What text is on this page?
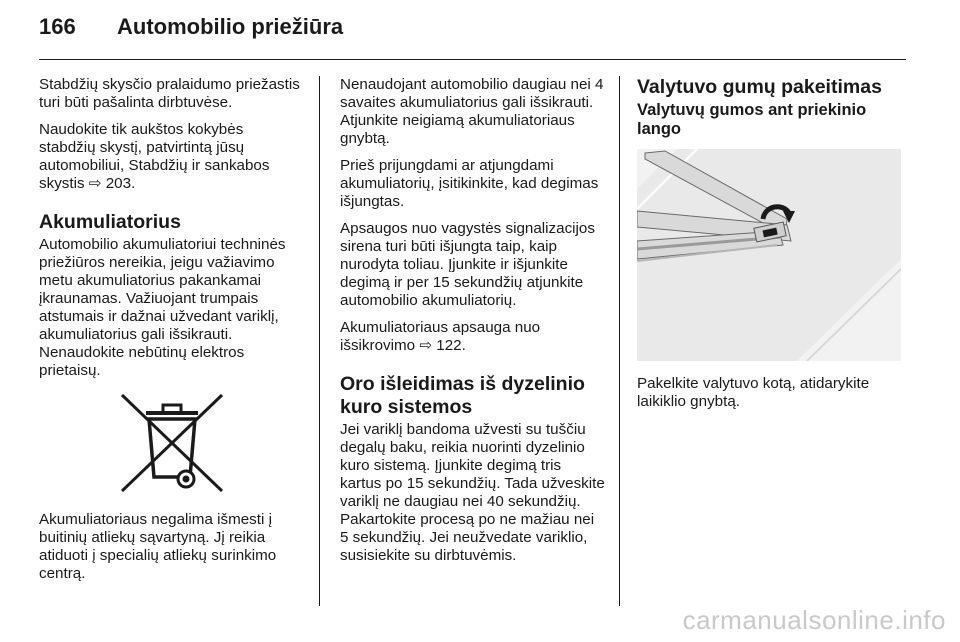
166	Automobilio priežiūra

Stabdžių skysčio pralaidumo priežastis turi būti pašalinta dirbtuvėse.

Naudokite tik aukštos kokybės stabdžių skystį, patvirtintą jūsų automobiliui, Stabdžių ir sankabos skystis ⇨ 203.

Akumuliatorius

Automobilio akumuliatoriui techninės priežiūros nereikia, jeigu važiavimo metu akumuliatorius pakankamai įkraunamas. Važiuojant trumpais atstumais ir dažnai užvedant variklį, akumuliatorius gali išsikrauti. Nenaudokite nebūtinų elektros prietaisų.

Akumuliatoriaus negalima išmesti į buitinių atliekų sąvartyną. Jį reikia atiduoti į specialių atliekų surinkimo centrą.

Nenaudojant automobilio daugiau nei 4 savaites akumuliatorius gali išsikrauti. Atjunkite neigiamą akumuliatoriaus gnybtą.

Prieš prijungdami ar atjungdami akumuliatorių, įsitikinkite, kad degimas išjungtas.

Apsaugos nuo vagystės signalizacijos sirena turi būti išjungta taip, kaip nurodyta toliau. Įjunkite ir išjunkite degimą ir per 15 sekundžių atjunkite automobilio akumuliatorių.

Akumuliatoriaus apsauga nuo išsikrovimo ⇨ 122.

Oro išleidimas iš dyzelinio kuro sistemos

Jei variklį bandoma užvesti su tuščiu degalų baku, reikia nuorinti dyzelinio kuro sistemą. Įjunkite degimą tris kartus po 15 sekundžių. Tada užveskite variklį ne daugiau nei 40 sekundžių. Pakartokite procesą po ne mažiau nei 5 sekundžių. Jei neužvedate variklio, susisiekite su dirbtuvėmis.

Valytuvo gumų pakeitimas
Valytuvų gumos ant priekinio lango

Pakelkite valytuvo kotą, atidarykite laikiklio gnybtą.

carmanualsonline.info
